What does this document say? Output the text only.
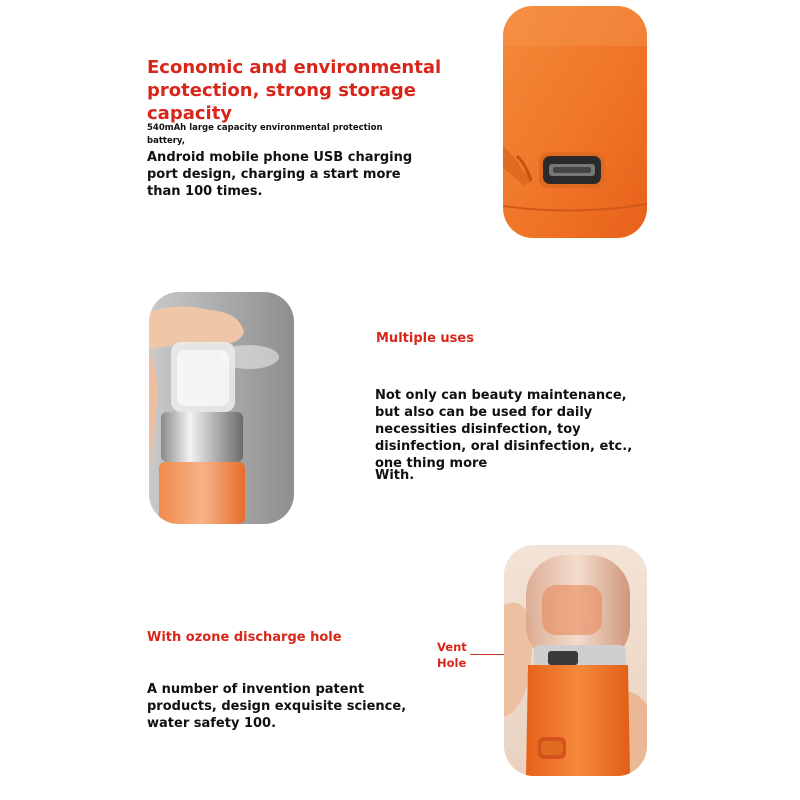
Economic and environmental protection, strong storage capacity
540mAh large capacity environmental protection battery,
Android mobile phone USB charging port design, charging a start more than 100 times.
Multiple uses
Not only can beauty maintenance, but also can be used for daily necessities disinfection, toy disinfection, oral disinfection, etc., one thing more
With.
With ozone discharge hole
A number of invention patent products, design exquisite science, water safety 100.
Vent Hole
